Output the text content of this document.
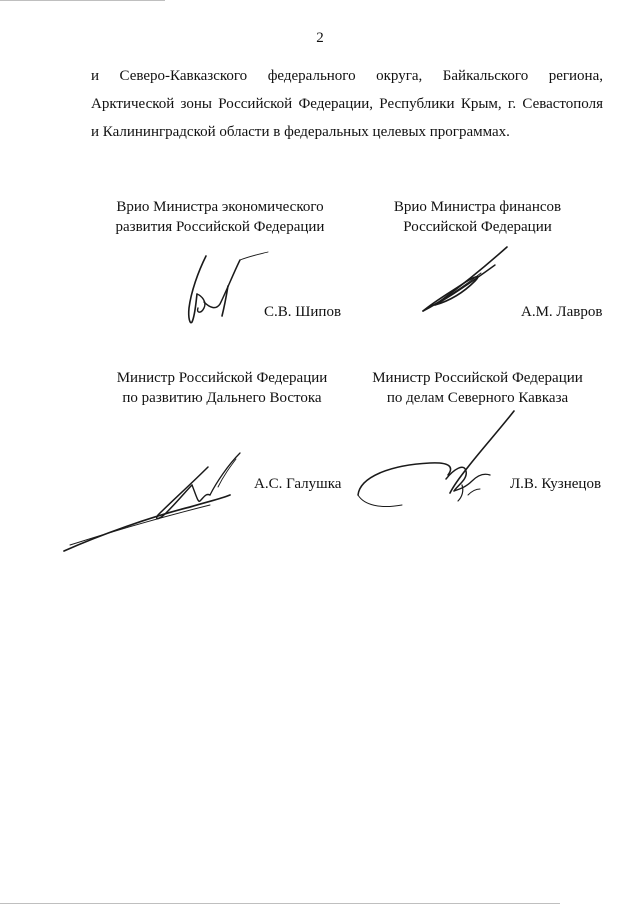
2
и Северо-Кавказского федерального округа, Байкальского региона,
Арктической зоны Российской Федерации, Республики Крым, г. Севастополя
и Калининградской области в федеральных целевых программах.
Врио Министра экономического
развития Российской Федерации
С.В. Шипов
Врио Министра финансов
Российской Федерации
А.М. Лавров
Министр Российской Федерации
по развитию Дальнего Востока
А.С. Галушка
Министр Российской Федерации
по делам Северного Кавказа
Л.В. Кузнецов
